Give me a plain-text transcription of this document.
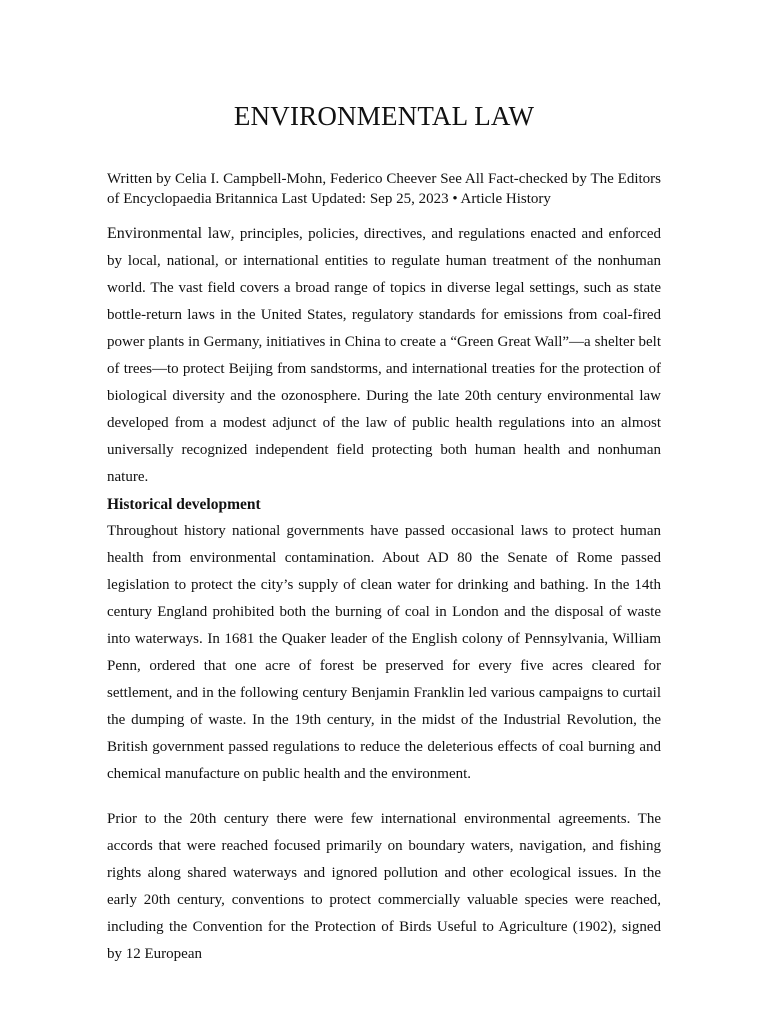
ENVIRONMENTAL LAW
Written by Celia I. Campbell-Mohn, Federico Cheever See All Fact-checked by The Editors of Encyclopaedia Britannica Last Updated: Sep 25, 2023 • Article History

Environmental law, principles, policies, directives, and regulations enacted and enforced by local, national, or international entities to regulate human treatment of the nonhuman world. The vast field covers a broad range of topics in diverse legal settings, such as state bottle-return laws in the United States, regulatory standards for emissions from coal-fired power plants in Germany, initiatives in China to create a “Green Great Wall”—a shelter belt of trees—to protect Beijing from sandstorms, and international treaties for the protection of biological diversity and the ozonosphere. During the late 20th century environmental law developed from a modest adjunct of the law of public health regulations into an almost universally recognized independent field protecting both human health and nonhuman nature.

Historical development

Throughout history national governments have passed occasional laws to protect human health from environmental contamination. About AD 80 the Senate of Rome passed legislation to protect the city’s supply of clean water for drinking and bathing. In the 14th century England prohibited both the burning of coal in London and the disposal of waste into waterways. In 1681 the Quaker leader of the English colony of Pennsylvania, William Penn, ordered that one acre of forest be preserved for every five acres cleared for settlement, and in the following century Benjamin Franklin led various campaigns to curtail the dumping of waste. In the 19th century, in the midst of the Industrial Revolution, the British government passed regulations to reduce the deleterious effects of coal burning and chemical manufacture on public health and the environment.

Prior to the 20th century there were few international environmental agreements. The accords that were reached focused primarily on boundary waters, navigation, and fishing rights along shared waterways and ignored pollution and other ecological issues. In the early 20th century, conventions to protect commercially valuable species were reached, including the Convention for the Protection of Birds Useful to Agriculture (1902), signed by 12 European
